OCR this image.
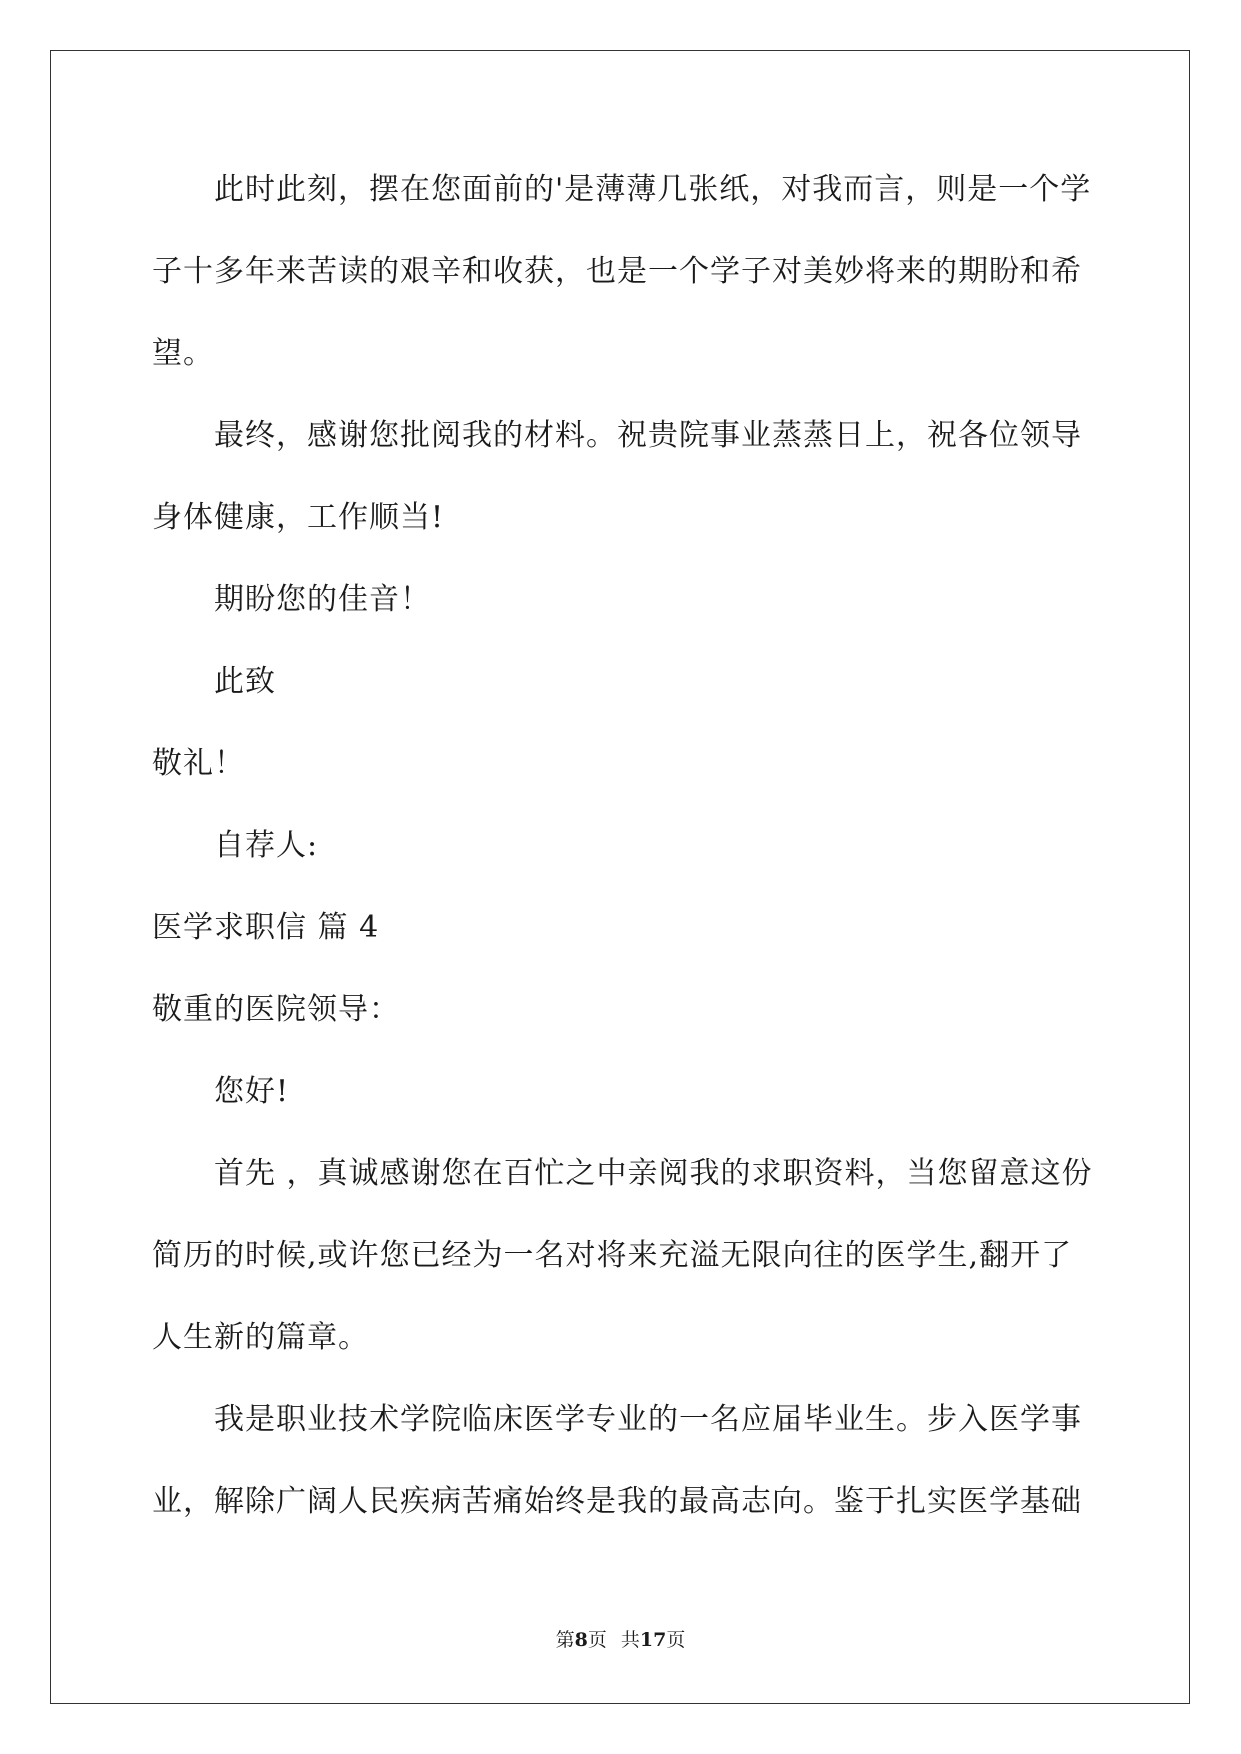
此时此刻，摆在您面前的'是薄薄几张纸，对我而言，则是一个学
子十多年来苦读的艰辛和收获，也是一个学子对美妙将来的期盼和希
望。
最终，感谢您批阅我的材料。祝贵院事业蒸蒸日上，祝各位领导
身体健康，工作顺当!
期盼您的佳音！
此致
敬礼！
自荐人:
医学求职信 篇 4
敬重的医院领导：
您好!
首先 ，真诚感谢您在百忙之中亲阅我的求职资料，当您留意这份
简历的时候,或许您已经为一名对将来充溢无限向往的医学生,翻开了
人生新的篇章。
我是职业技术学院临床医学专业的一名应届毕业生。步入医学事
业，解除广阔人民疾病苦痛始终是我的最高志向。鉴于扎实医学基础
第8页 共17页
